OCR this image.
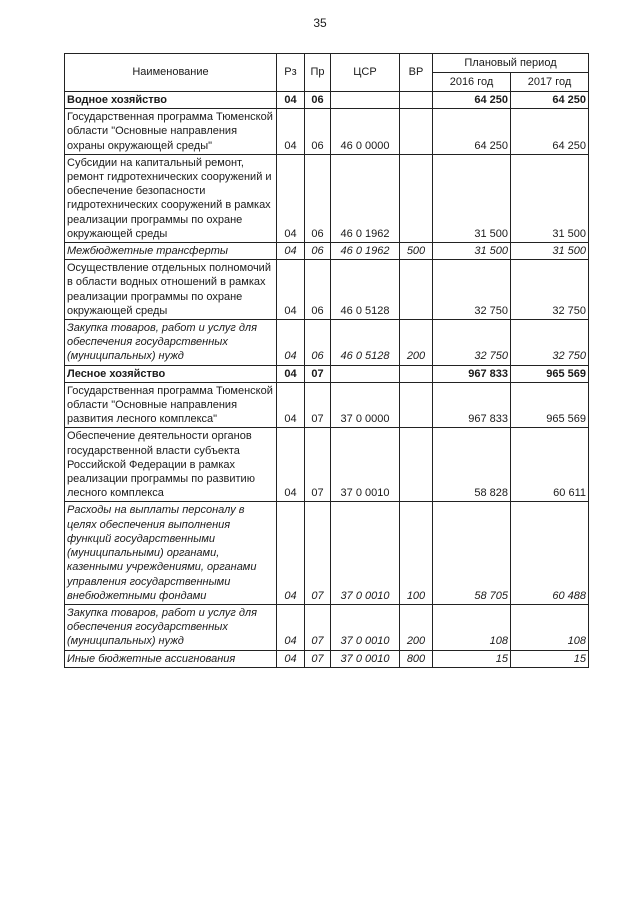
35
Наименование	Рз	Пр	ЦСР	ВР	Плановый период	
					2016 год	2017 год
Водное хозяйство	04	06			64 250	64 250
Государственная программа Тюменской области "Основные направления охраны окружающей среды"	04	06	46 0 0000		64 250	64 250
Субсидии на капитальный ремонт, ремонт гидротехнических сооружений и обеспечение безопасности гидротехнических сооружений в рамках реализации программы по охране окружающей среды	04	06	46 0 1962		31 500	31 500
Межбюджетные трансферты	04	06	46 0 1962	500	31 500	31 500
Осуществление отдельных полномочий в области водных отношений в рамках реализации программы по охране окружающей среды	04	06	46 0 5128		32 750	32 750
Закупка товаров, работ и услуг для обеспечения государственных (муниципальных) нужд	04	06	46 0 5128	200	32 750	32 750
Лесное хозяйство	04	07			967 833	965 569
Государственная программа Тюменской области "Основные направления развития лесного комплекса"	04	07	37 0 0000		967 833	965 569
Обеспечение деятельности органов государственной власти субъекта Российской Федерации в рамках реализации программы по развитию лесного комплекса	04	07	37 0 0010		58 828	60 611
Расходы на выплаты персоналу в целях обеспечения выполнения функций государственными (муниципальными) органами, казенными учреждениями, органами управления государственными внебюджетными фондами	04	07	37 0 0010	100	58 705	60 488
Закупка товаров, работ и услуг для обеспечения государственных (муниципальных) нужд	04	07	37 0 0010	200	108	108
Иные бюджетные ассигнования	04	07	37 0 0010	800	15	15
